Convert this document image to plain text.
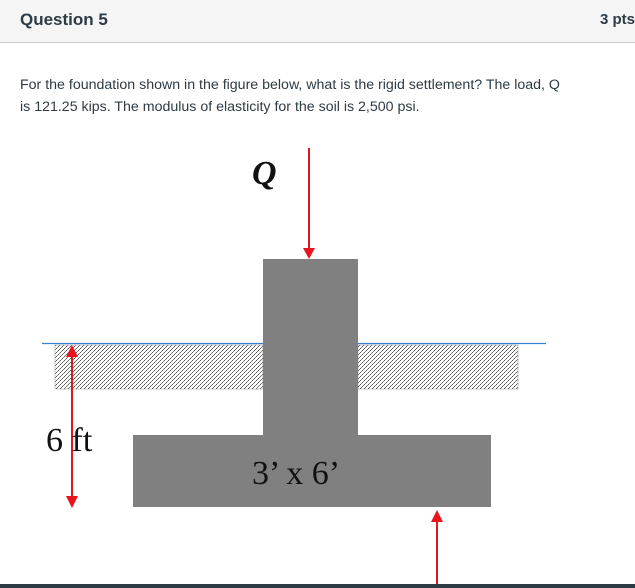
Question 5	3 pts

For the foundation shown in the figure below, what is the rigid settlement? The load, Q

is 121.25 kips. The modulus of elasticity for the soil is 2,500 psi.

Q
6 ft
3’ x 6’
